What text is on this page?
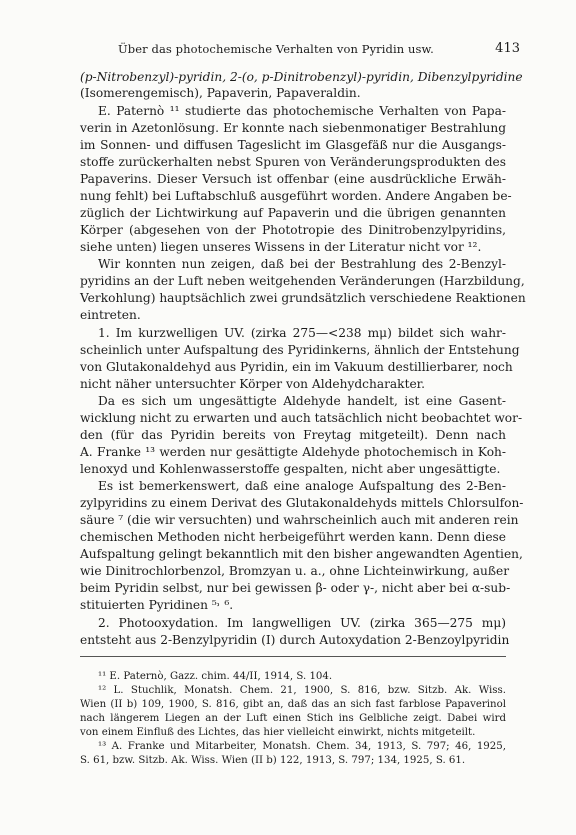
Über das photochemische Verhalten von Pyridin usw.	413
(p-Nitrobenzyl)-pyridin, 2-(o, p-Dinitrobenzyl)-pyridin, Dibenzylpyridine
(Isomerengemisch), Papaverin, Papaveraldin.
E. Paternò ¹¹ studierte das photochemische Verhalten von Papa-
verin in Azetonlösung. Er konnte nach siebenmonatiger Bestrahlung
im Sonnen- und diffusen Tageslicht im Glasgefäß nur die Ausgangs-
stoffe zurückerhalten nebst Spuren von Veränderungsprodukten des
Papaverins. Dieser Versuch ist offenbar (eine ausdrückliche Erwäh-
nung fehlt) bei Luftabschluß ausgeführt worden. Andere Angaben be-
züglich der Lichtwirkung auf Papaverin und die übrigen genannten
Körper (abgesehen von der Phototropie des Dinitrobenzylpyridins,
siehe unten) liegen unseres Wissens in der Literatur nicht vor ¹².
Wir konnten nun zeigen, daß bei der Bestrahlung des 2-Benzyl-
pyridins an der Luft neben weitgehenden Veränderungen (Harzbildung,
Verkohlung) hauptsächlich zwei grundsätzlich verschiedene Reaktionen
eintreten.
1. Im kurzwelligen UV. (zirka 275—<238 mμ) bildet sich wahr-
scheinlich unter Aufspaltung des Pyridinkerns, ähnlich der Entstehung
von Glutakonaldehyd aus Pyridin, ein im Vakuum destillierbarer, noch
nicht näher untersuchter Körper von Aldehydcharakter.
Da es sich um ungesättigte Aldehyde handelt, ist eine Gasent-
wicklung nicht zu erwarten und auch tatsächlich nicht beobachtet wor-
den (für das Pyridin bereits von Freytag mitgeteilt). Denn nach
A. Franke ¹³ werden nur gesättigte Aldehyde photochemisch in Koh-
lenoxyd und Kohlenwasserstoffe gespalten, nicht aber ungesättigte.
Es ist bemerkenswert, daß eine analoge Aufspaltung des 2-Ben-
zylpyridins zu einem Derivat des Glutakonaldehyds mittels Chlorsulfon-
säure ⁷ (die wir versuchten) und wahrscheinlich auch mit anderen rein
chemischen Methoden nicht herbeigeführt werden kann. Denn diese
Aufspaltung gelingt bekanntlich mit den bisher angewandten Agentien,
wie Dinitrochlorbenzol, Bromzyan u. a., ohne Lichteinwirkung, außer
beim Pyridin selbst, nur bei gewissen β- oder γ-, nicht aber bei α-sub-
stituierten Pyridinen ⁵˒ ⁶.
2. Photooxydation. Im langwelligen UV. (zirka 365—275 mμ)
entsteht aus 2-Benzylpyridin (I) durch Autoxydation 2-Benzoylpyridin
¹¹ E. Paternò, Gazz. chim. 44/II, 1914, S. 104.
¹² L. Stuchlik, Monatsh. Chem. 21, 1900, S. 816, bzw. Sitzb. Ak. Wiss.
Wien (II b) 109, 1900, S. 816, gibt an, daß das an sich fast farblose Papaverinol
nach längerem Liegen an der Luft einen Stich ins Gelbliche zeigt. Dabei wird
von einem Einfluß des Lichtes, das hier vielleicht einwirkt, nichts mitgeteilt.
¹³ A. Franke und Mitarbeiter, Monatsh. Chem. 34, 1913, S. 797; 46, 1925,
S. 61, bzw. Sitzb. Ak. Wiss. Wien (II b) 122, 1913, S. 797; 134, 1925, S. 61.
